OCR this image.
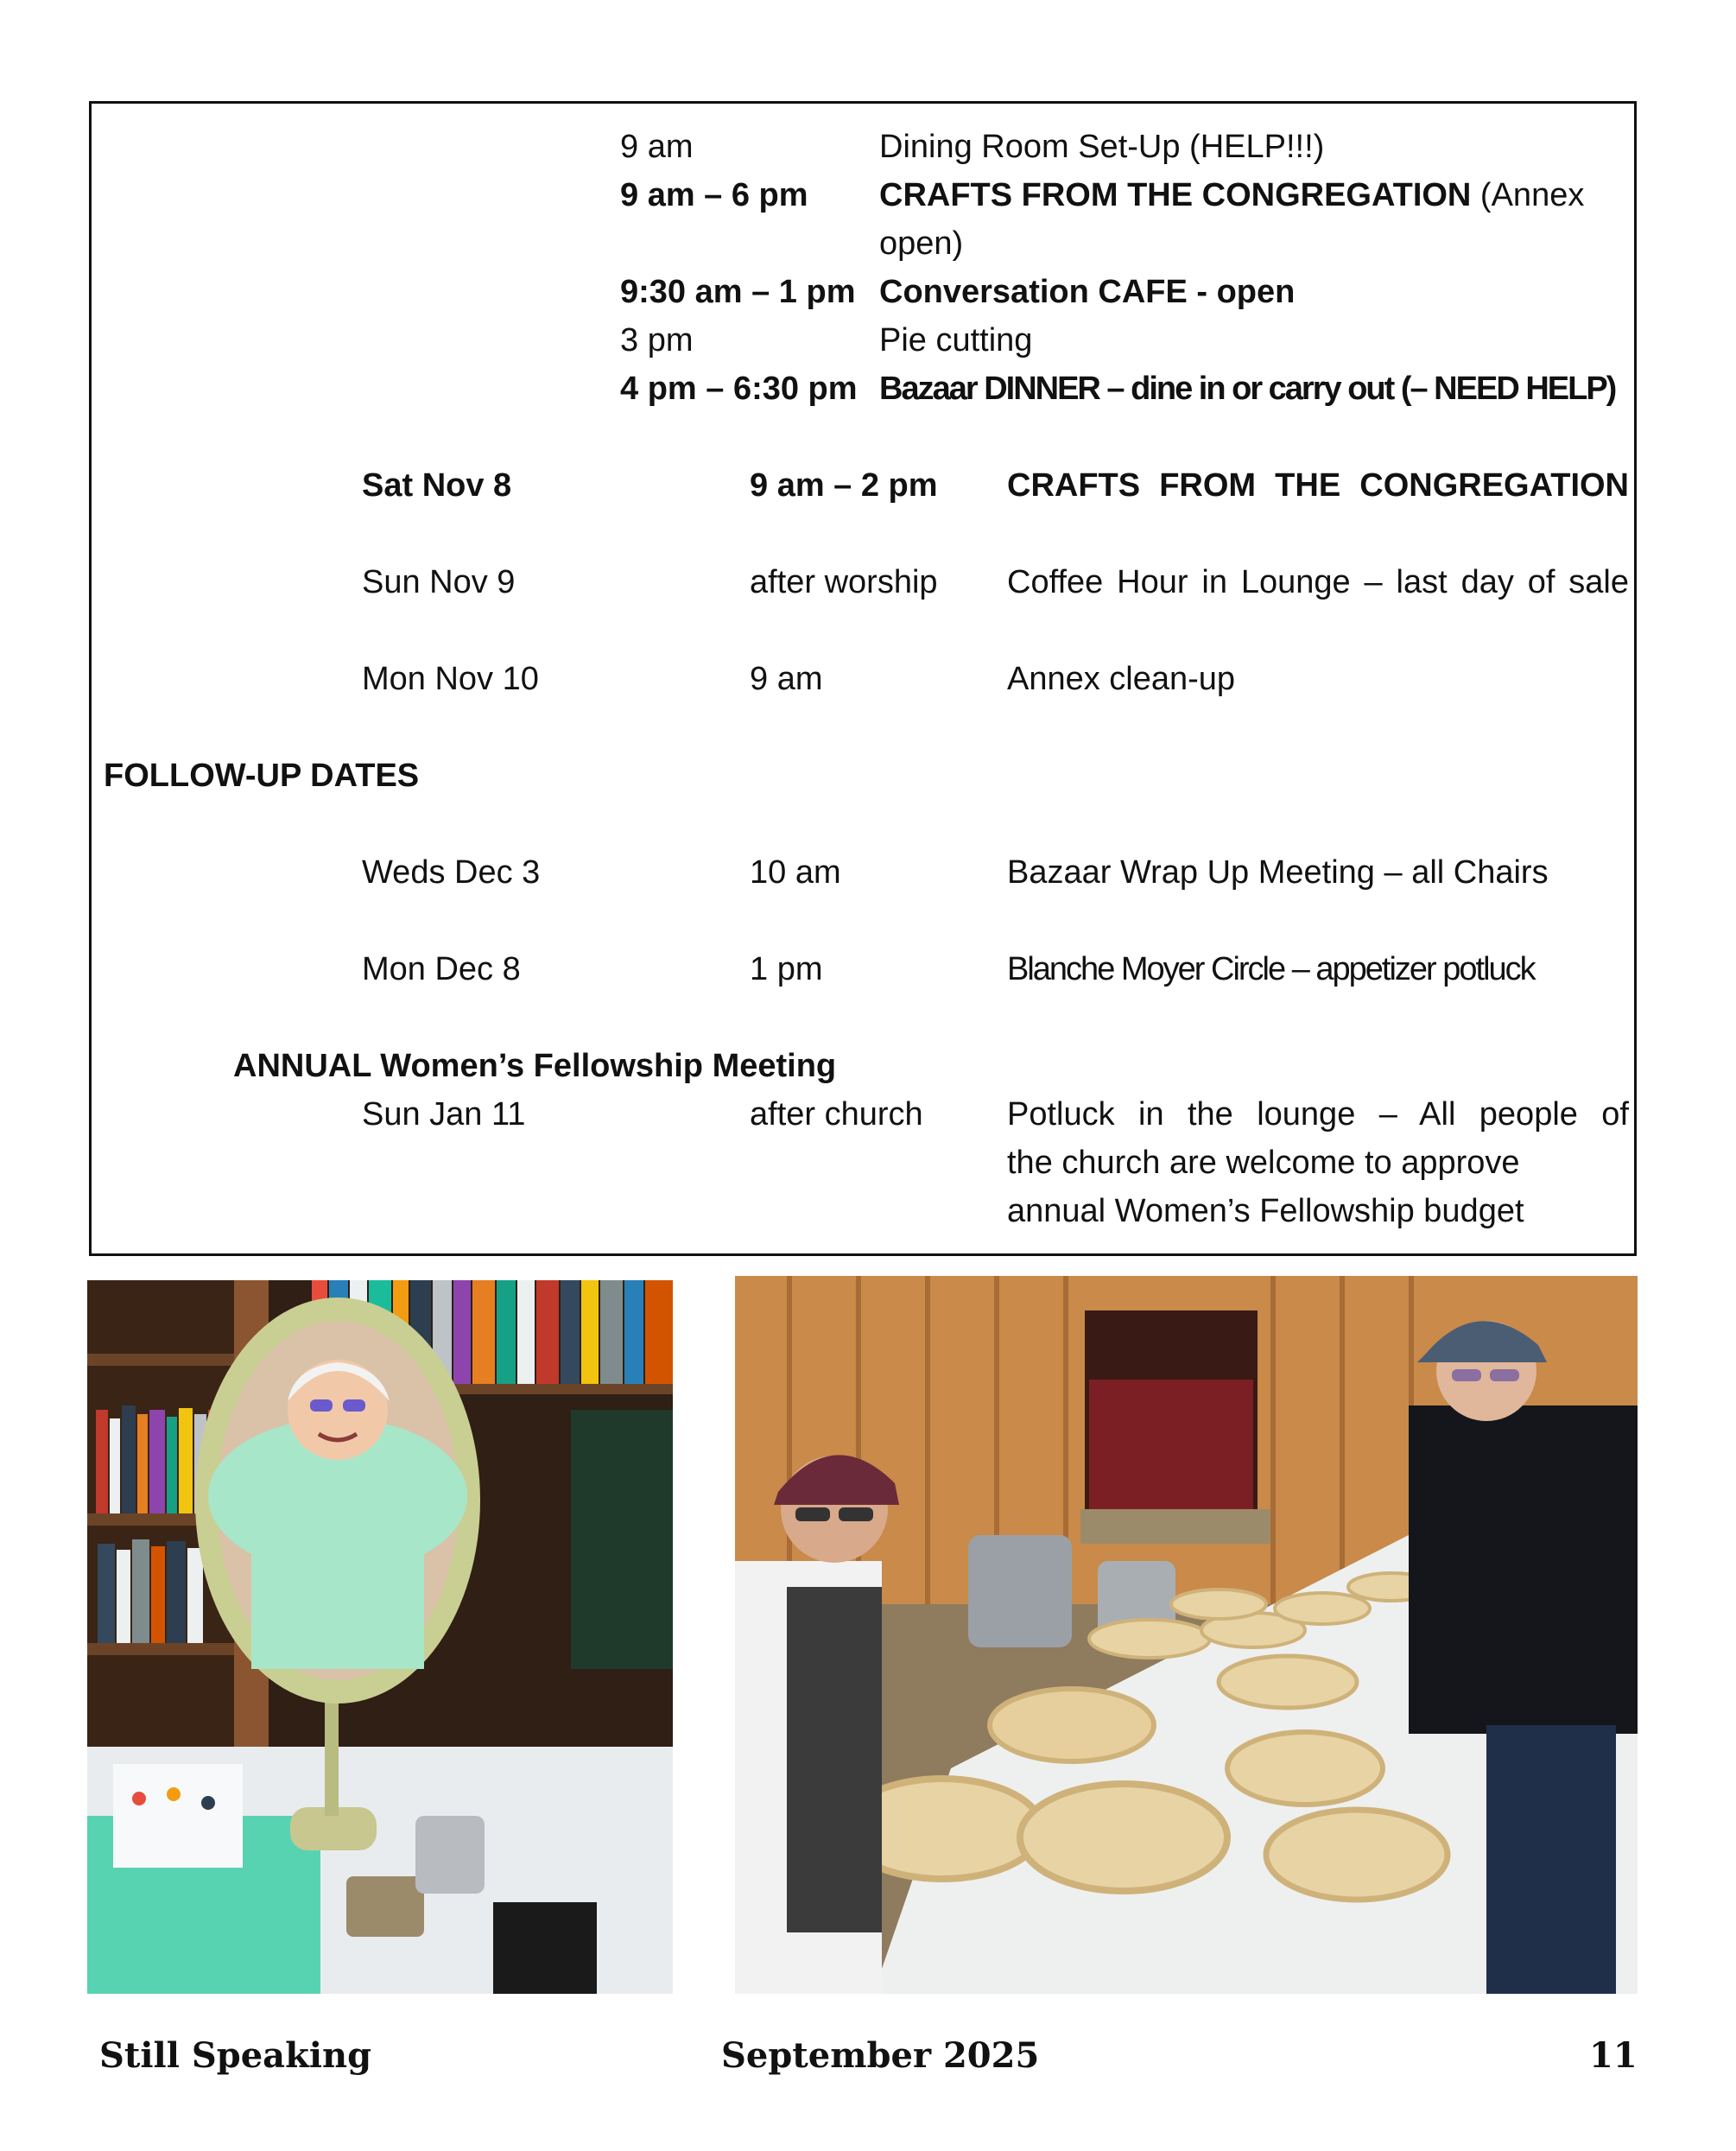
9 am	Dining Room Set-Up (HELP!!!)
9 am – 6 pm CRAFTS FROM THE CONGREGATION (Annex open)
9:30 am – 1 pm Conversation CAFE - open
3 pm	Pie cutting
4 pm – 6:30 pm Bazaar DINNER – dine in or carry out (– NEED HELP)
Sat Nov 8	9 am – 2 pm CRAFTS FROM THE CONGREGATION
Sun Nov 9	after worship Coffee Hour in Lounge – last day of sale
Mon Nov 10	9 am	Annex clean-up
FOLLOW-UP DATES
Weds Dec 3	10 am	Bazaar Wrap Up Meeting – all Chairs
Mon Dec 8	1 pm	Blanche Moyer Circle – appetizer potluck
ANNUAL Women’s Fellowship Meeting
Sun Jan 11	after church	Potluck in the lounge – All people of
the church are welcome to approve
annual Women’s Fellowship budget
Still Speaking	September 2025	11
